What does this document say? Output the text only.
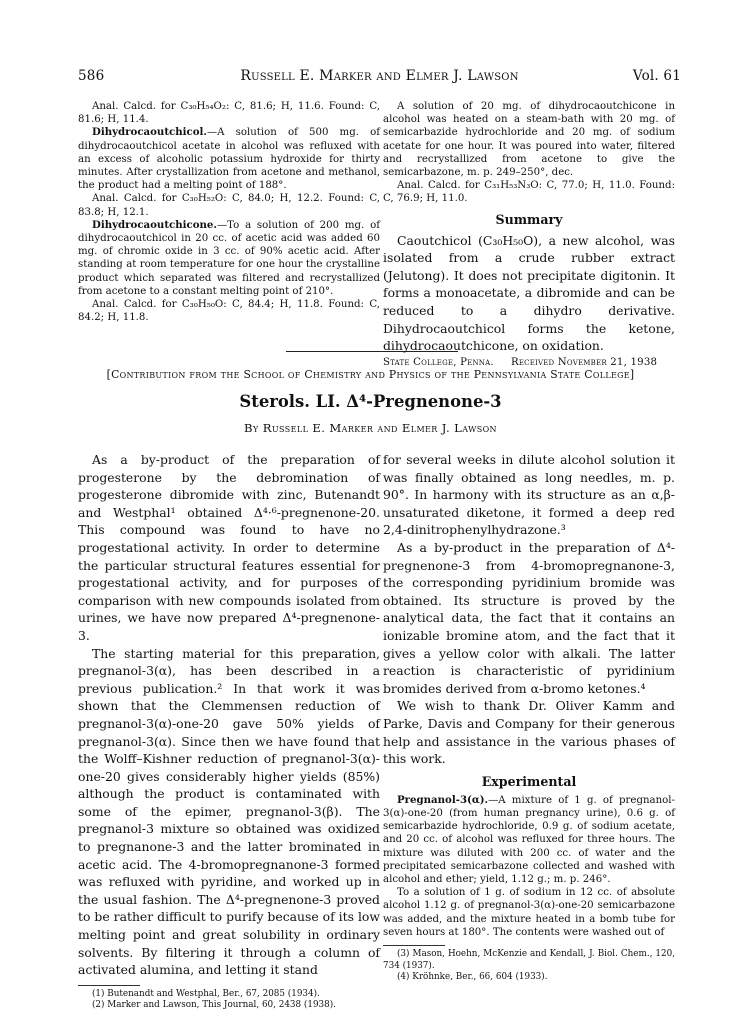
586	Russell E. Marker and Elmer J. Lawson	Vol. 61

Anal. Calcd. for C₃₀H₅₄O₂: C, 81.6; H, 11.6. Found: C, 81.6; H, 11.4.

Dihydrocaoutchicol.—A solution of 500 mg. of dihydrocaoutchicol acetate in alcohol was refluxed with an excess of alcoholic potassium hydroxide for thirty minutes. After crystallization from acetone and methanol, the product had a melting point of 188°.

Anal. Calcd. for C₃₀H₅₂O: C, 84.0; H, 12.2. Found: C, 83.8; H, 12.1.

Dihydrocaoutchicone.—To a solution of 200 mg. of dihydrocaoutchicol in 20 cc. of acetic acid was added 60 mg. of chromic oxide in 3 cc. of 90% acetic acid. After standing at room temperature for one hour the crystalline product which separated was filtered and recrystallized from acetone to a constant melting point of 210°.

Anal. Calcd. for C₃₀H₅₀O: C, 84.4; H, 11.8. Found: C, 84.2; H, 11.8.

A solution of 20 mg. of dihydrocaoutchicone in alcohol was heated on a steam-bath with 20 mg. of semicarbazide hydrochloride and 20 mg. of sodium acetate for one hour. It was poured into water, filtered and recrystallized from acetone to give the semicarbazone, m. p. 249–250°, dec.

Anal. Calcd. for C₃₁H₅₃N₃O: C, 77.0; H, 11.0. Found: C, 76.9; H, 11.0.

Summary

Caoutchicol (C₃₀H₅₀O), a new alcohol, was isolated from a crude rubber extract (Jelutong). It does not precipitate digitonin. It forms a monoacetate, a dibromide and can be reduced to a dihydro derivative. Dihydrocaoutchicol forms the ketone, dihydrocaoutchicone, on oxidation.

State College, Penna.     Received November 21, 1938

[Contribution from the School of Chemistry and Physics of the Pennsylvania State College]
Sterols. LI. Δ⁴-Pregnenone-3
By Russell E. Marker and Elmer J. Lawson

As a by-product of the preparation of progesterone by the debromination of progesterone dibromide with zinc, Butenandt and Westphal¹ obtained Δ⁴·⁶-pregnenone-20. This compound was found to have no progestational activity. In order to determine the particular structural features essential for progestational activity, and for purposes of comparison with new compounds isolated from urines, we have now prepared Δ⁴-pregnenone-3.

The starting material for this preparation, pregnanol-3(α), has been described in a previous publication.² In that work it was shown that the Clemmensen reduction of pregnanol-3(α)-one-20 gave 50% yields of pregnanol-3(α). Since then we have found that the Wolff–Kishner reduction of pregnanol-3(α)-one-20 gives considerably higher yields (85%) although the product is contaminated with some of the epimer, pregnanol-3(β). The pregnanol-3 mixture so obtained was oxidized to pregnanone-3 and the latter brominated in acetic acid. The 4-bromopregnanone-3 formed was refluxed with pyridine, and worked up in the usual fashion. The Δ⁴-pregnenone-3 proved to be rather difficult to purify because of its low melting point and great solubility in ordinary solvents. By filtering it through a column of activated alumina, and letting it stand

(1) Butenandt and Westphal, Ber., 67, 2085 (1934).

(2) Marker and Lawson, This Journal, 60, 2438 (1938).

for several weeks in dilute alcohol solution it was finally obtained as long needles, m. p. 90°. In harmony with its structure as an α,β-unsaturated diketone, it formed a deep red 2,4-dinitrophenylhydrazone.³

As a by-product in the preparation of Δ⁴-pregnenone-3 from 4-bromopregnanone-3, the corresponding pyridinium bromide was obtained. Its structure is proved by the analytical data, the fact that it contains an ionizable bromine atom, and the fact that it gives a yellow color with alkali. The latter reaction is characteristic of pyridinium bromides derived from α-bromo ketones.⁴

We wish to thank Dr. Oliver Kamm and Parke, Davis and Company for their generous help and assistance in the various phases of this work.

Experimental

Pregnanol-3(α).—A mixture of 1 g. of pregnanol-3(α)-one-20 (from human pregnancy urine), 0.6 g. of semicarbazide hydrochloride, 0.9 g. of sodium acetate, and 20 cc. of alcohol was refluxed for three hours. The mixture was diluted with 200 cc. of water and the precipitated semicarbazone collected and washed with alcohol and ether; yield, 1.12 g.; m. p. 246°.

To a solution of 1 g. of sodium in 12 cc. of absolute alcohol 1.12 g. of pregnanol-3(α)-one-20 semicarbazone was added, and the mixture heated in a bomb tube for seven hours at 180°. The contents were washed out of

(3) Mason, Hoehn, McKenzie and Kendall, J. Biol. Chem., 120, 734 (1937).

(4) Kröhnke, Ber., 66, 604 (1933).
